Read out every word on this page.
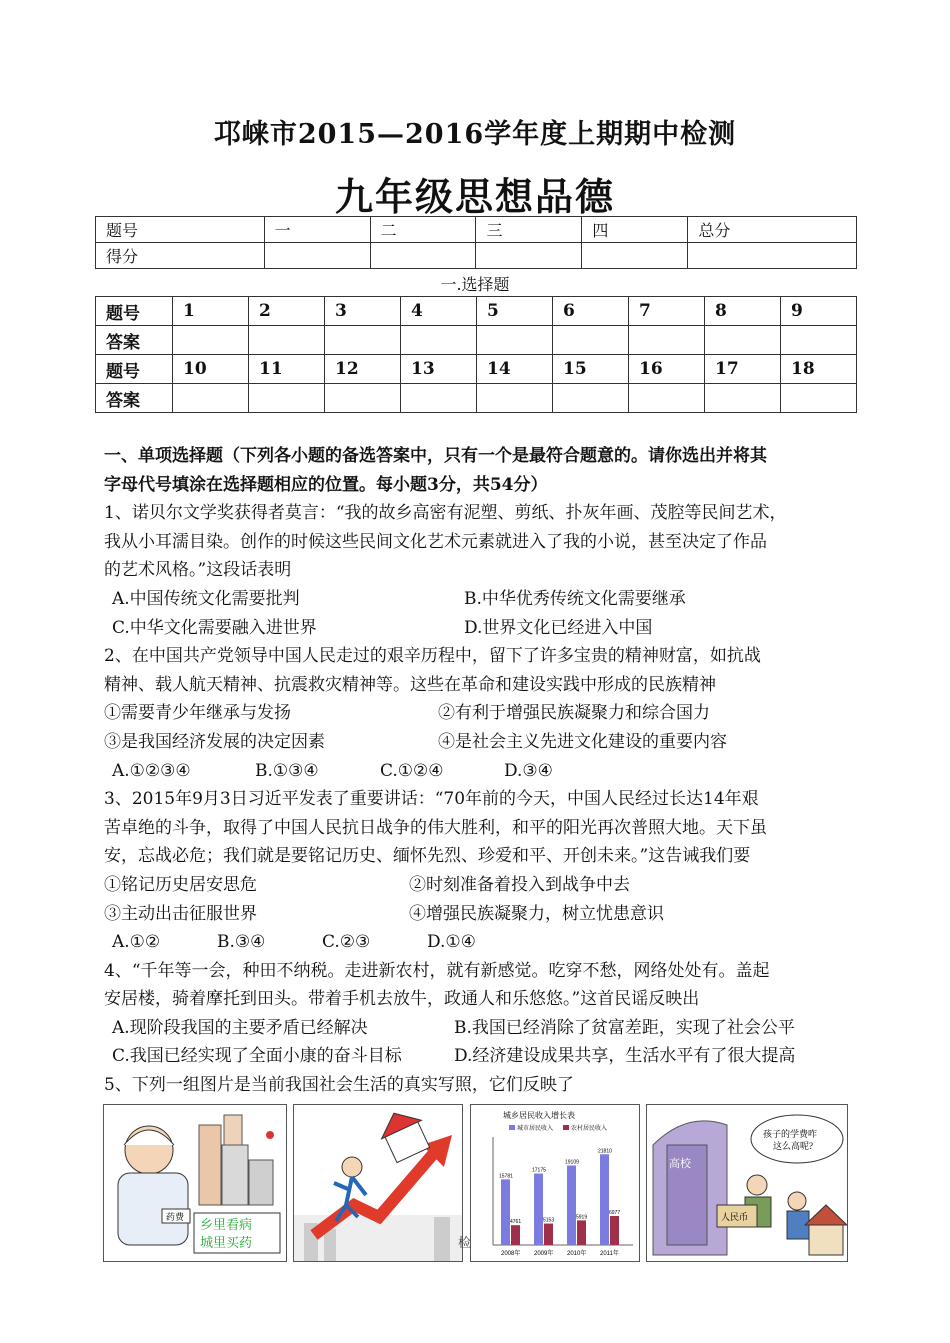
邛崃市2015—2016学年度上期期中检测
九年级思想品德
题号	一	二	三	四	总分
得分					
一.选择题
题号	1	2	3	4	5	6	7	8	9
答案									
题号	10	11	12	13	14	15	16	17	18
答案									
一、单项选择题（下列各小题的备选答案中，只有一个是最符合题意的。请你选出并将其
字母代号填涂在选择题相应的位置。每小题3分，共54分）
1、诺贝尔文学奖获得者莫言：“我的故乡高密有泥塑、剪纸、扑灰年画、茂腔等民间艺术，
我从小耳濡目染。创作的时候这些民间文化艺术元素就进入了我的小说，甚至决定了作品
的艺术风格。”这段话表明
A.中国传统文化需要批判	B.中华优秀传统文化需要继承
C.中华文化需要融入进世界	D.世界文化已经进入中国
2、在中国共产党领导中国人民走过的艰辛历程中，留下了许多宝贵的精神财富，如抗战
精神、载人航天精神、抗震救灾精神等。这些在革命和建设实践中形成的民族精神
①需要青少年继承与发扬	②有利于增强民族凝聚力和综合国力
③是我国经济发展的决定因素	④是社会主义先进文化建设的重要内容
A.①②③④	B.①③④	C.①②④	D.③④
3、2015年9月3日习近平发表了重要讲话：“70年前的今天，中国人民经过长达14年艰
苦卓绝的斗争，取得了中国人民抗日战争的伟大胜利，和平的阳光再次普照大地。天下虽
安，忘战必危；我们就是要铭记历史、缅怀先烈、珍爱和平、开创未来。”这告诫我们要
①铭记历史居安思危	②时刻准备着投入到战争中去
③主动出击征服世界	④增强民族凝聚力，树立忧患意识
A.①②	B.③④	C.②③	D.①④
4、“千年等一会，种田不纳税。走进新农村，就有新感觉。吃穿不愁，网络处处有。盖起
安居楼，骑着摩托到田头。带着手机去放牛，政通人和乐悠悠。”这首民谣反映出
A.现阶段我国的主要矛盾已经解决	B.我国已经消除了贫富差距，实现了社会公平
C.我国已经实现了全面小康的奋斗目标	D.经济建设成果共享，生活水平有了很大提高
5、下列一组图片是当前我国社会生活的真实写照，它们反映了
药费 乡里看病
城里买药
城乡居民收入增长表
城市居民收入	农村居民收入
15781
4761
2008年
17175
5153
2009年
19109
5919
2010年
21810
6977
2011年
高校
孩子的学费咋
这么高呢?
人民币
检
